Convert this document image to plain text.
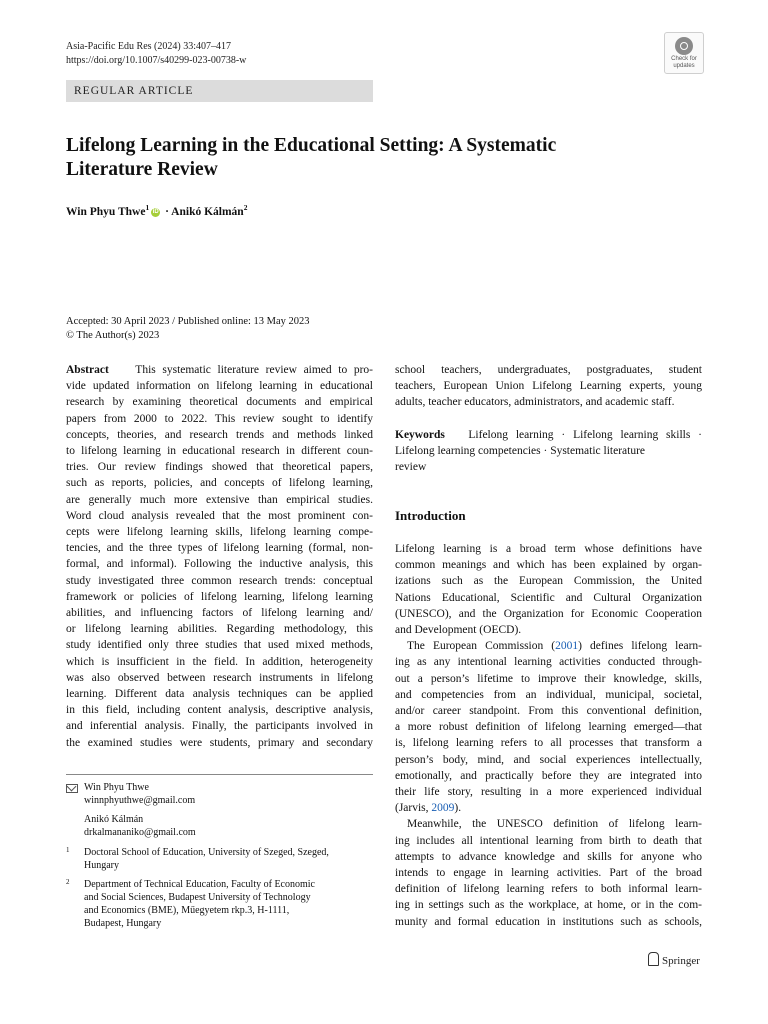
Asia-Pacific Edu Res (2024) 33:407–417
https://doi.org/10.1007/s40299-023-00738-w	Check for
updates
REGULAR ARTICLE
Lifelong Learning in the Educational Setting: A Systematic
Literature Review
Win Phyu Thwe$^1$ iD · Anikó Kálmán$^2$
Accepted: 30 April 2023 / Published online: 13 May 2023
© The Author(s) 2023
Abstract This systematic literature review aimed to pro-
vide updated information on lifelong learning in educational
research by examining theoretical documents and empirical
papers from 2000 to 2022. This review sought to identify
concepts, theories, and research trends and methods linked
to lifelong learning in educational research in different coun-
tries. Our review findings showed that theoretical papers,
such as reports, policies, and concepts of lifelong learning,
are generally much more extensive than empirical studies.
Word cloud analysis revealed that the most prominent con-
cepts were lifelong learning skills, lifelong learning compe-
tencies, and the three types of lifelong learning (formal, non-
formal, and informal). Following the inductive analysis, this
study investigated three common research trends: conceptual
framework or policies of lifelong learning, lifelong learning
abilities, and influencing factors of lifelong learning and/
or lifelong learning abilities. Regarding methodology, this
study identified only three studies that used mixed methods,
which is insufficient in the field. In addition, heterogeneity
was also observed between research instruments in lifelong
learning. Different data analysis techniques can be applied
in this field, including content analysis, descriptive analysis,
and inferential analysis. Finally, the participants involved in
the examined studies were students, primary and secondary
Win Phyu Thwe
winnphyuthwe@gmail.com
Anikó Kálmán
drkalmananiko@gmail.com
1 Doctoral School of Education, University of Szeged, Szeged,
Hungary
2 Department of Technical Education, Faculty of Economic
and Social Sciences, Budapest University of Technology
and Economics (BME), Műegyetem rkp.3, H-1111,
Budapest, Hungary
school teachers, undergraduates, postgraduates, student
teachers, European Union Lifelong Learning experts, young
adults, teacher educators, administrators, and academic staff.
Keywords Lifelong learning · Lifelong learning skills ·
Lifelong learning competencies · Systematic literature
review
Introduction
Lifelong learning is a broad term whose definitions have
common meanings and which has been explained by organ-
izations such as the European Commission, the United
Nations Educational, Scientific and Cultural Organization
(UNESCO), and the Organization for Economic Cooperation
and Development (OECD).
The European Commission (2001) defines lifelong learn-
ing as any intentional learning activities conducted through-
out a person’s lifetime to improve their knowledge, skills,
and competencies from an individual, municipal, societal,
and/or career standpoint. From this conventional definition,
a more robust definition of lifelong learning emerged—that
is, lifelong learning refers to all processes that transform a
person’s body, mind, and social experiences intellectually,
emotionally, and practically before they are integrated into
their life story, resulting in a more experienced individual
(Jarvis, 2009).
Meanwhile, the UNESCO definition of lifelong learn-
ing includes all intentional learning from birth to death that
attempts to advance knowledge and skills for anyone who
intends to engage in learning activities. Part of the broad
definition of lifelong learning refers to both informal learn-
ing in settings such as the workplace, at home, or in the com-
munity and formal education in institutions such as schools,
Springer
